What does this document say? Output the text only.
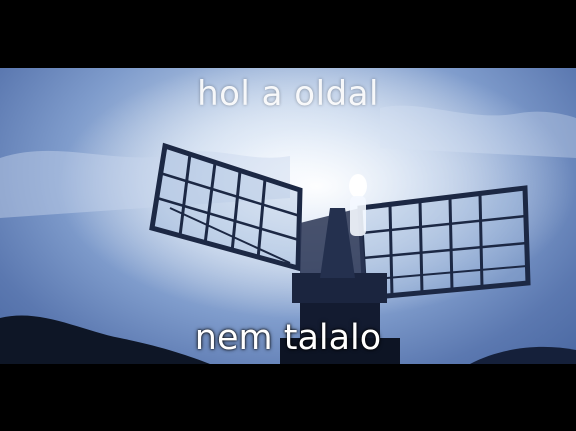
hol a oldal
nem talalo
